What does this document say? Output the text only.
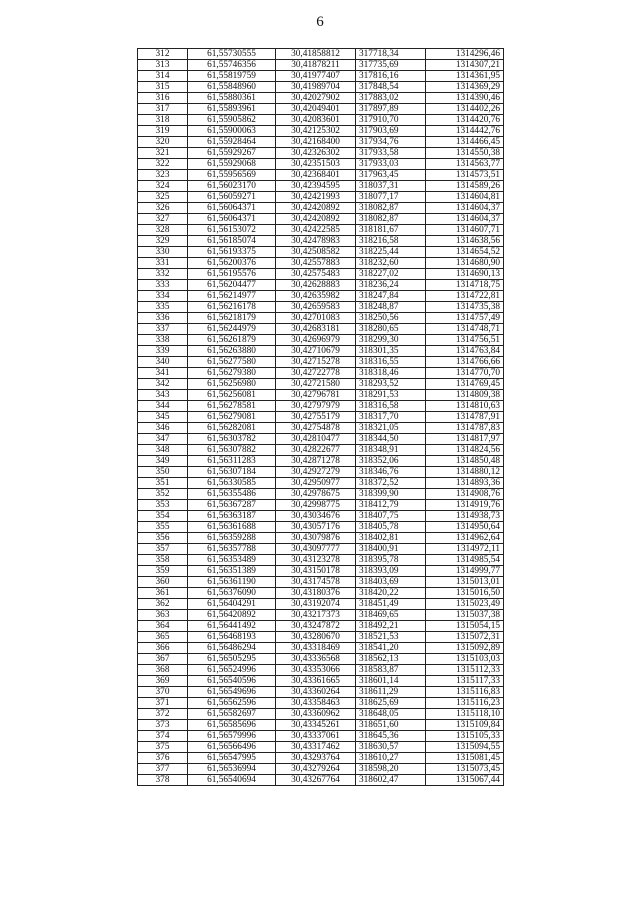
6
312	61,55730555	30,41858812	317718,34	1314296,46
313	61,55746356	30,41878211	317735,69	1314307,21
314	61,55819759	30,41977407	317816,16	1314361,95
315	61,55848960	30,41989704	317848,54	1314369,29
316	61,55880361	30,42027902	317883,02	1314390,46
317	61,55893961	30,42049401	317897,89	1314402,26
318	61,55905862	30,42083601	317910,70	1314420,76
319	61,55900063	30,42125302	317903,69	1314442,76
320	61,55928464	30,42168400	317934,76	1314466,45
321	61,55929267	30,42326302	317933,58	1314550,38
322	61,55929068	30,42351503	317933,03	1314563,77
323	61,55956569	30,42368401	317963,45	1314573,51
324	61,56023170	30,42394595	318037,31	1314589,26
325	61,56059271	30,42421993	318077,17	1314604,81
326	61,56064371	30,42420892	318082,87	1314604,37
327	61,56064371	30,42420892	318082,87	1314604,37
328	61,56153072	30,42422585	318181,67	1314607,71
329	61,56185074	30,42478983	318216,58	1314638,56
330	61,56193375	30,42508582	318225,44	1314654,52
331	61,56200376	30,42557883	318232,60	1314680,90
332	61,56195576	30,42575483	318227,02	1314690,13
333	61,56204477	30,42628883	318236,24	1314718,75
334	61,56214977	30,42635982	318247,84	1314722,81
335	61,56216178	30,42659583	318248,87	1314735,38
336	61,56218179	30,42701083	318250,56	1314757,49
337	61,56244979	30,42683181	318280,65	1314748,71
338	61,56261879	30,42696979	318299,30	1314756,51
339	61,56263880	30,42710679	318301,35	1314763,84
340	61,56277580	30,42715278	318316,55	1314766,66
341	61,56279380	30,42722778	318318,46	1314770,70
342	61,56256980	30,42721580	318293,52	1314769,45
343	61,56256081	30,42796781	318291,53	1314809,38
344	61,56278581	30,42797979	318316,58	1314810,63
345	61,56279081	30,42755179	318317,70	1314787,91
346	61,56282081	30,42754878	318321,05	1314787,83
347	61,56303782	30,42810477	318344,50	1314817,97
348	61,56307882	30,42822677	318348,91	1314824,56
349	61,56311283	30,42871278	318352,06	1314850,48
350	61,56307184	30,42927279	318346,76	1314880,12
351	61,56330585	30,42950977	318372,52	1314893,36
352	61,56355486	30,42978675	318399,90	1314908,76
353	61,56367287	30,42998775	318412,79	1314919,76
354	61,56363187	30,43034676	318407,75	1314938,73
355	61,56361688	30,43057176	318405,78	1314950,64
356	61,56359288	30,43079876	318402,81	1314962,64
357	61,56357788	30,43097777	318400,91	1314972,11
358	61,56353489	30,43123278	318395,78	1314985,54
359	61,56351389	30,43150178	318393,09	1314999,77
360	61,56361190	30,43174578	318403,69	1315013,01
361	61,56376090	30,43180376	318420,22	1315016,50
362	61,56404291	30,43192074	318451,49	1315023,49
363	61,56420892	30,43217373	318469,65	1315037,38
364	61,56441492	30,43247872	318492,21	1315054,15
365	61,56468193	30,43280670	318521,53	1315072,31
366	61,56486294	30,43318469	318541,20	1315092,89
367	61,56505295	30,43336568	318562,13	1315103,03
368	61,56524996	30,43353066	318583,87	1315112,33
369	61,56540596	30,43361665	318601,14	1315117,33
370	61,56549696	30,43360264	318611,29	1315116,83
371	61,56562596	30,43358463	318625,69	1315116,23
372	61,56582697	30,43360962	318648,05	1315118,10
373	61,56585696	30,43345261	318651,60	1315109,84
374	61,56579996	30,43337061	318645,36	1315105,33
375	61,56566496	30,43317462	318630,57	1315094,55
376	61,56547995	30,43293764	318610,27	1315081,45
377	61,56536994	30,43279264	318598,20	1315073,45
378	61,56540694	30,43267764	318602,47	1315067,44
